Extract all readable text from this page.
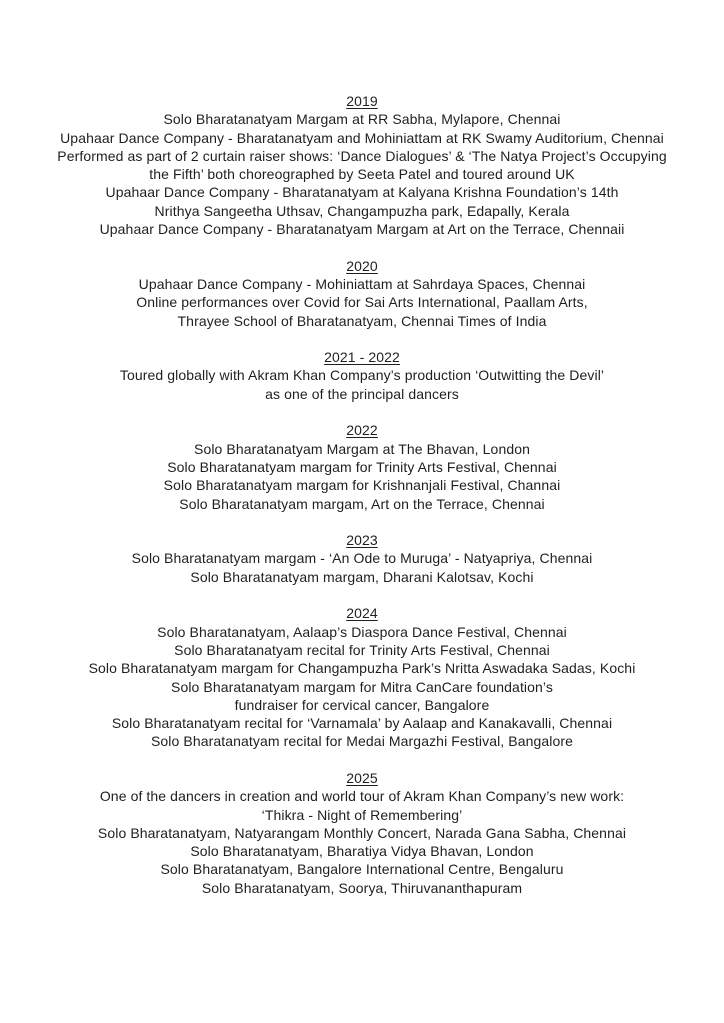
2019

Solo Bharatanatyam Margam at RR Sabha, Mylapore, Chennai

Upahaar Dance Company - Bharatanatyam and Mohiniattam at RK Swamy Auditorium, Chennai

Performed as part of 2 curtain raiser shows: ‘Dance Dialogues’ & ‘The Natya Project’s Occupying

the Fifth’ both choreographed by Seeta Patel and toured around UK

Upahaar Dance Company - Bharatanatyam at Kalyana Krishna Foundation’s 14th

Nrithya Sangeetha Uthsav, Changampuzha park, Edapally, Kerala

Upahaar Dance Company - Bharatanatyam Margam at Art on the Terrace, Chennaii

2020

Upahaar Dance Company - Mohiniattam at Sahrdaya Spaces, Chennai

Online performances over Covid for Sai Arts International, Paallam Arts,

Thrayee School of Bharatanatyam, Chennai Times of India

2021 - 2022

Toured globally with Akram Khan Company’s production ‘Outwitting the Devil’

as one of the principal dancers

2022

Solo Bharatanatyam Margam at The Bhavan, London

Solo Bharatanatyam margam for Trinity Arts Festival, Chennai

Solo Bharatanatyam margam for Krishnanjali Festival, Channai

Solo Bharatanatyam margam, Art on the Terrace, Chennai

2023

Solo Bharatanatyam margam - ‘An Ode to Muruga’ - Natyapriya, Chennai

Solo Bharatanatyam margam, Dharani Kalotsav, Kochi

2024

Solo Bharatanatyam, Aalaap’s Diaspora Dance Festival, Chennai

Solo Bharatanatyam recital for Trinity Arts Festival, Chennai

Solo Bharatanatyam margam for Changampuzha Park’s Nritta Aswadaka Sadas, Kochi

Solo Bharatanatyam margam for Mitra CanCare foundation’s

fundraiser for cervical cancer, Bangalore

Solo Bharatanatyam recital for ‘Varnamala’ by Aalaap and Kanakavalli, Chennai

Solo Bharatanatyam recital for Medai Margazhi Festival, Bangalore

2025

One of the dancers in creation and world tour of Akram Khan Company’s new work:

‘Thikra - Night of Remembering’

Solo Bharatanatyam, Natyarangam Monthly Concert, Narada Gana Sabha, Chennai

Solo Bharatanatyam, Bharatiya Vidya Bhavan, London

Solo Bharatanatyam, Bangalore International Centre, Bengaluru

Solo Bharatanatyam, Soorya, Thiruvananthapuram
